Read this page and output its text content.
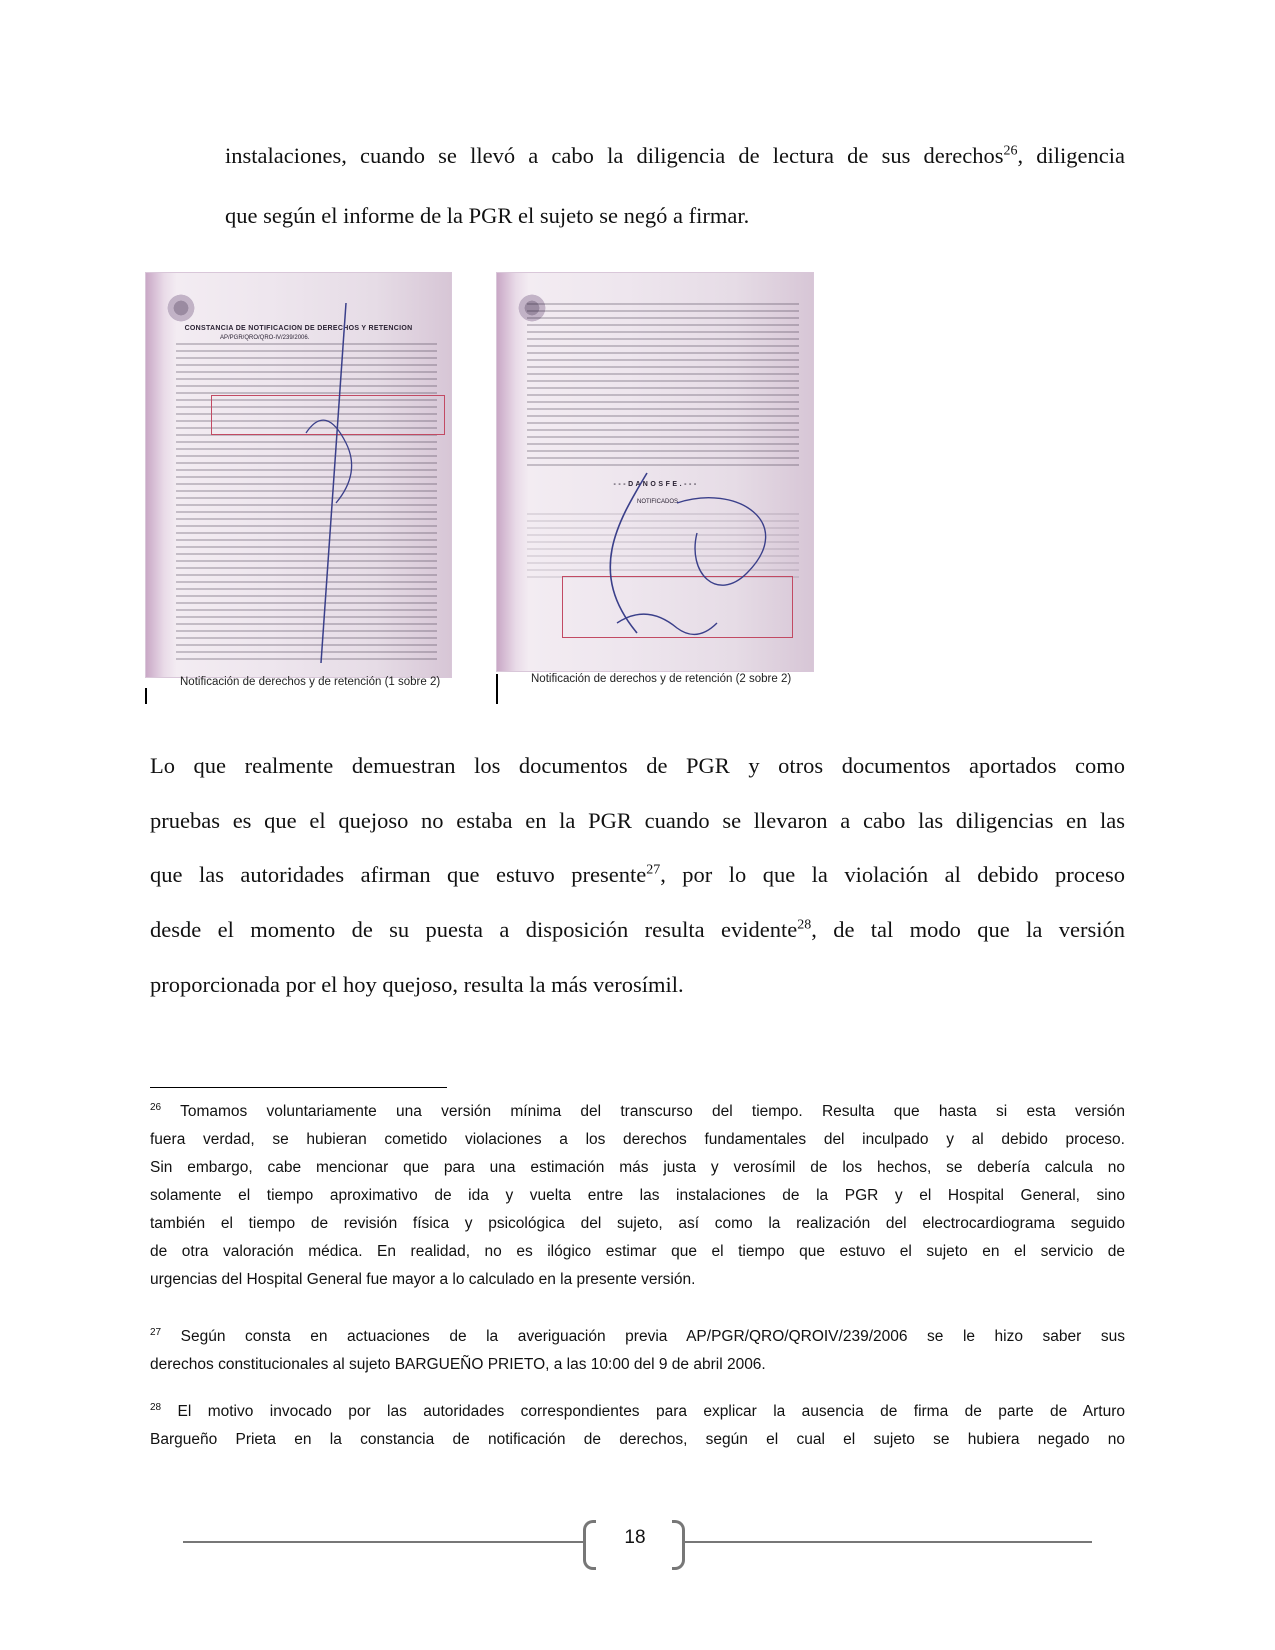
instalaciones, cuando se llevó a cabo la diligencia de lectura de sus derechos$^{26}$, diligencia
que según el informe de la PGR el sujeto se negó a firmar.
CONSTANCIA DE NOTIFICACION DE DERECHOS Y RETENCION
AP/PGR/QRO/QRO-IV/239/2006.
Notificación de derechos y de retención (1 sobre 2)
- - - D A N O S F E . - - -
NOTIFICADOS
Notificación de derechos y de retención (2 sobre 2)
Lo que realmente demuestran los documentos de PGR y otros documentos aportados como
pruebas es que el quejoso no estaba en la PGR cuando se llevaron a cabo las diligencias en las
que las autoridades afirman que estuvo presente$^{27}$, por lo que la violación al debido proceso
desde el momento de su puesta a disposición resulta evidente$^{28}$, de tal modo que la versión
proporcionada por el hoy quejoso, resulta la más verosímil.
$^{26}$ Tomamos voluntariamente una versión mínima del transcurso del tiempo. Resulta que hasta si esta versión
fuera verdad, se hubieran cometido violaciones a los derechos fundamentales del inculpado y al debido proceso.
Sin embargo, cabe mencionar que para una estimación más justa y verosímil de los hechos, se debería calcula no
solamente el tiempo aproximativo de ida y vuelta entre las instalaciones de la PGR y el Hospital General, sino
también el tiempo de revisión física y psicológica del sujeto, así como la realización del electrocardiograma seguido
de otra valoración médica. En realidad, no es ilógico estimar que el tiempo que estuvo el sujeto en el servicio de
urgencias del Hospital General fue mayor a lo calculado en la presente versión.
$^{27}$ Según consta en actuaciones de la averiguación previa AP/PGR/QRO/QROIV/239/2006 se le hizo saber sus
derechos constitucionales al sujeto BARGUEÑO PRIETO, a las 10:00 del 9 de abril 2006.
$^{28}$ El motivo invocado por las autoridades correspondientes para explicar la ausencia de firma de parte de Arturo
Bargueño Prieta en la constancia de notificación de derechos, según el cual el sujeto se hubiera negado no
18
